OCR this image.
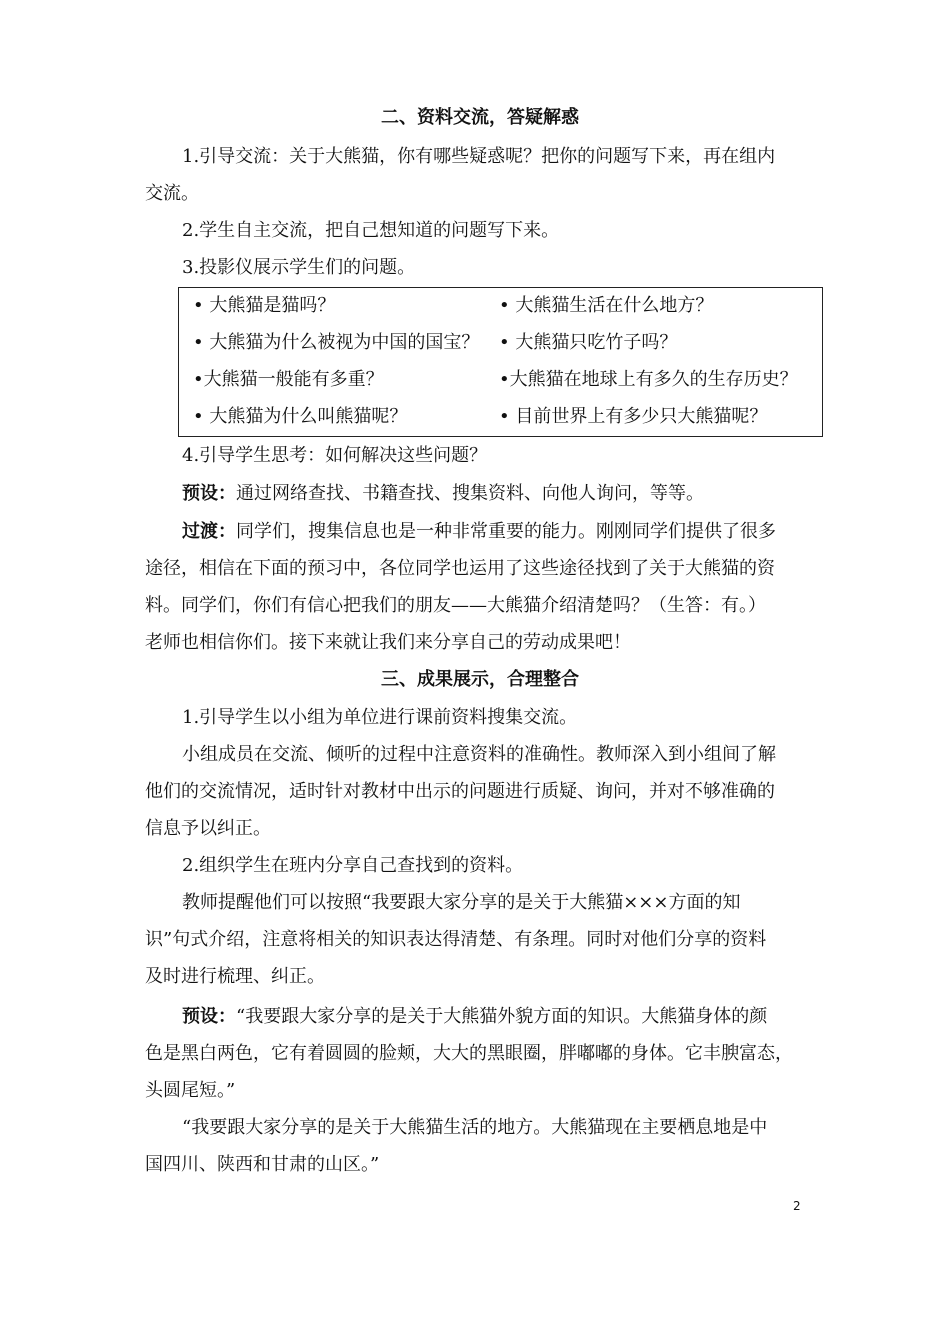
二、资料交流，答疑解惑
1.引导交流：关于大熊猫，你有哪些疑惑呢？把你的问题写下来，再在组内
交流。
2.学生自主交流，把自己想知道的问题写下来。
3.投影仪展示学生们的问题。
• 大熊猫是猫吗？	• 大熊猫生活在什么地方？
• 大熊猫为什么被视为中国的国宝？ • 大熊猫只吃竹子吗？
•大熊猫一般能有多重？	•大熊猫在地球上有多久的生存历史？
• 大熊猫为什么叫熊猫呢？	• 目前世界上有多少只大熊猫呢？
4.引导学生思考：如何解决这些问题？
预设：通过网络查找、书籍查找、搜集资料、向他人询问，等等。
过渡：同学们，搜集信息也是一种非常重要的能力。刚刚同学们提供了很多
途径，相信在下面的预习中，各位同学也运用了这些途径找到了关于大熊猫的资
料。同学们，你们有信心把我们的朋友——大熊猫介绍清楚吗？（生答：有。）
老师也相信你们。接下来就让我们来分享自己的劳动成果吧！
三、成果展示，合理整合
1.引导学生以小组为单位进行课前资料搜集交流。
小组成员在交流、倾听的过程中注意资料的准确性。教师深入到小组间了解
他们的交流情况，适时针对教材中出示的问题进行质疑、询问，并对不够准确的
信息予以纠正。
2.组织学生在班内分享自己查找到的资料。
教师提醒他们可以按照“我要跟大家分享的是关于大熊猫×××方面的知
识”句式介绍，注意将相关的知识表达得清楚、有条理。同时对他们分享的资料
及时进行梳理、纠正。
预设：“我要跟大家分享的是关于大熊猫外貌方面的知识。大熊猫身体的颜
色是黑白两色，它有着圆圆的脸颊，大大的黑眼圈，胖嘟嘟的身体。它丰腴富态，
头圆尾短。”
“我要跟大家分享的是关于大熊猫生活的地方。大熊猫现在主要栖息地是中
国四川、陕西和甘肃的山区。”
2
